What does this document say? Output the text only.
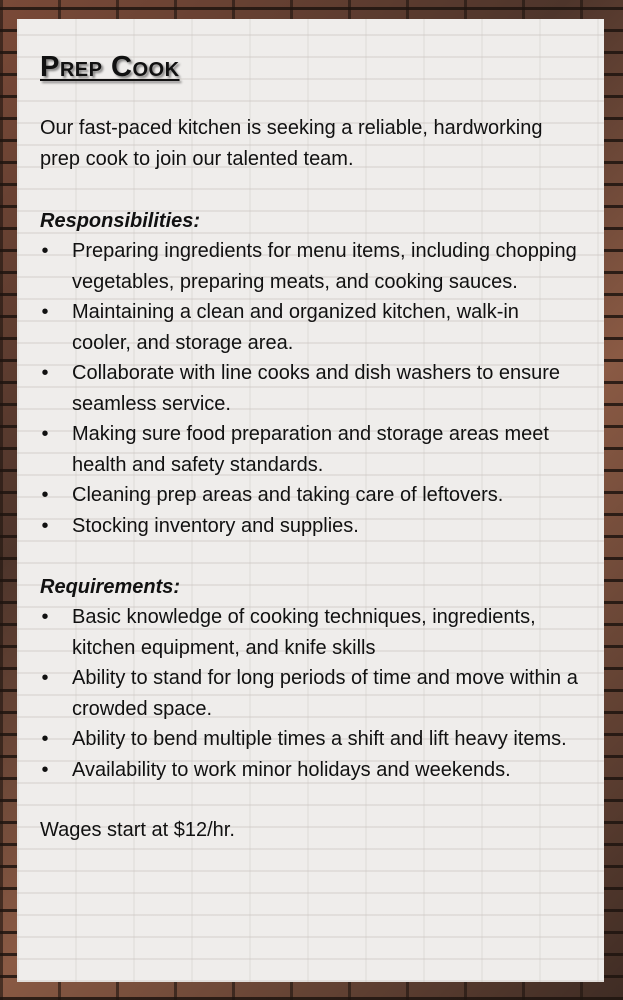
Prep Cook

Our fast-paced kitchen is seeking a reliable, hardworking prep cook to join our talented team.

Responsibilities:
• Preparing ingredients for menu items, including chopping vegetables, preparing meats, and cooking sauces.
• Maintaining a clean and organized kitchen, walk-in cooler, and storage area.
• Collaborate with line cooks and dish washers to ensure seamless service.
• Making sure food preparation and storage areas meet health and safety standards.
• Cleaning prep areas and taking care of leftovers.
• Stocking inventory and supplies.
Requirements:
• Basic knowledge of cooking techniques, ingredients, kitchen equipment, and knife skills
• Ability to stand for long periods of time and move within a crowded space.
• Ability to bend multiple times a shift and lift heavy items.
• Availability to work minor holidays and weekends.

Wages start at $12/hr.
